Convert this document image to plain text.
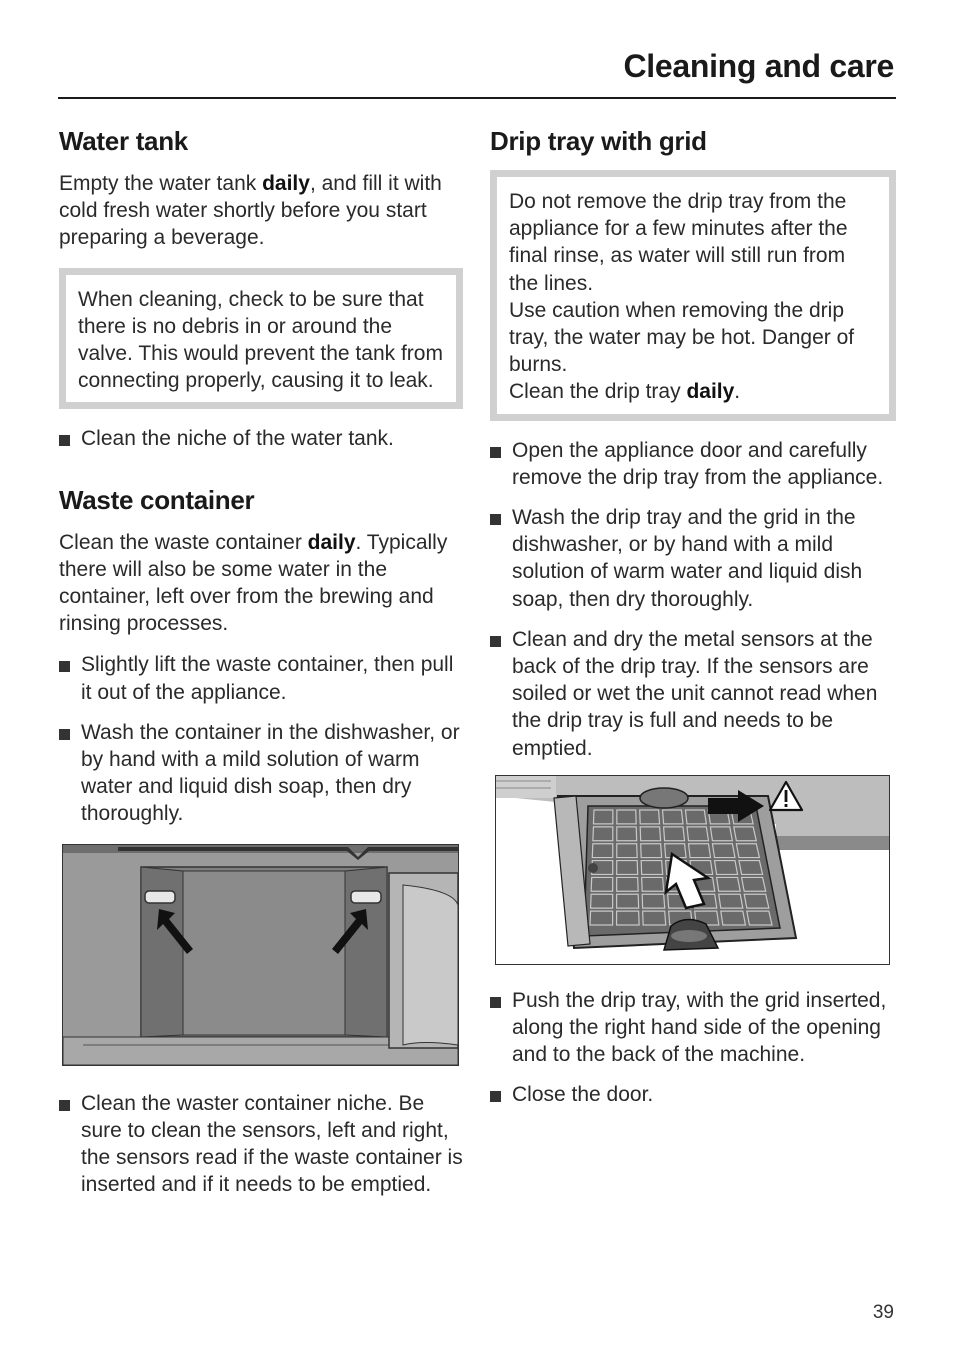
Cleaning and care
Water tank

Empty the water tank daily, and fill it with cold fresh water shortly before you start preparing a beverage.

When cleaning, check to be sure that there is no debris in or around the valve. This would prevent the tank from connecting properly, causing it to leak.

Clean the niche of the water tank.
Waste container

Clean the waste container daily. Typically there will also be some water in the container, left over from the brewing and rinsing processes.

Slightly lift the waste container, then pull it out of the appliance.
Wash the container in the dishwasher, or by hand with a mild solution of warm water and liquid dish soap, then dry thoroughly.
Clean the waster container niche. Be sure to clean the sensors, left and right, the sensors read if the waste container is inserted and if it needs to be emptied.
Drip tray with grid

Do not remove the drip tray from the appliance for a few minutes after the final rinse, as water will still run from the lines.

Use caution when removing the drip tray, the water may be hot. Danger of burns.

Clean the drip tray daily.

Open the appliance door and carefully remove the drip tray from the appliance.
Wash the drip tray and the grid in the dishwasher, or by hand with a mild solution of warm water and liquid dish soap, then dry thoroughly.
Clean and dry the metal sensors at the back of the drip tray. If the sensors are soiled or wet the unit cannot read when the drip tray is full and needs to be emptied.
Push the drip tray, with the grid inserted, along the right hand side of the opening and to the back of the machine.
Close the door.
39
